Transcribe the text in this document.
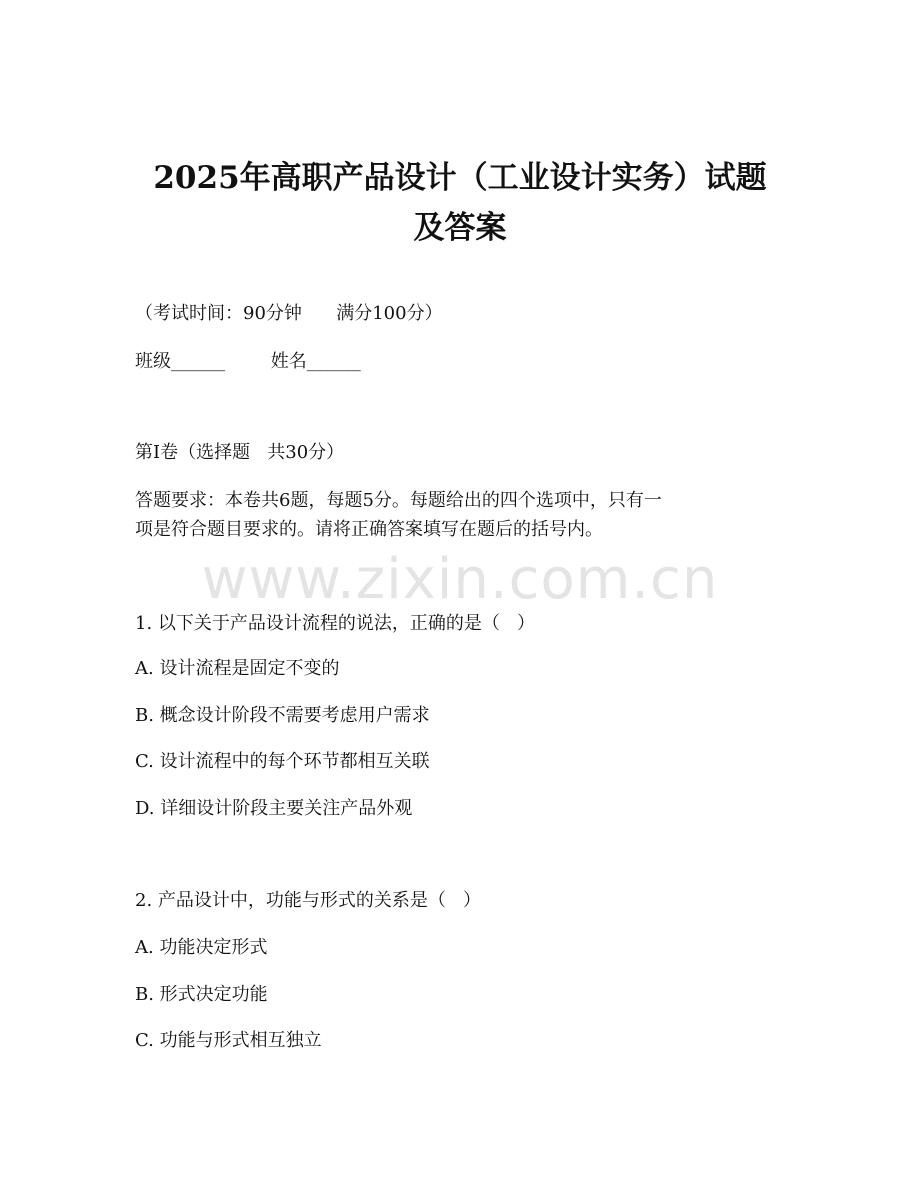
2025年高职产品设计（工业设计实务）试题
及答案
（考试时间：90分钟      满分100分）
班级______        姓名______
第I卷（选择题   共30分）
答题要求：本卷共6题，每题5分。每题给出的四个选项中，只有一
项是符合题目要求的。请将正确答案填写在题后的括号内。
www.zixin.com.cn
1. 以下关于产品设计流程的说法，正确的是（   ）
A. 设计流程是固定不变的
B. 概念设计阶段不需要考虑用户需求
C. 设计流程中的每个环节都相互关联
D. 详细设计阶段主要关注产品外观
2. 产品设计中，功能与形式的关系是（   ）
A. 功能决定形式
B. 形式决定功能
C. 功能与形式相互独立
